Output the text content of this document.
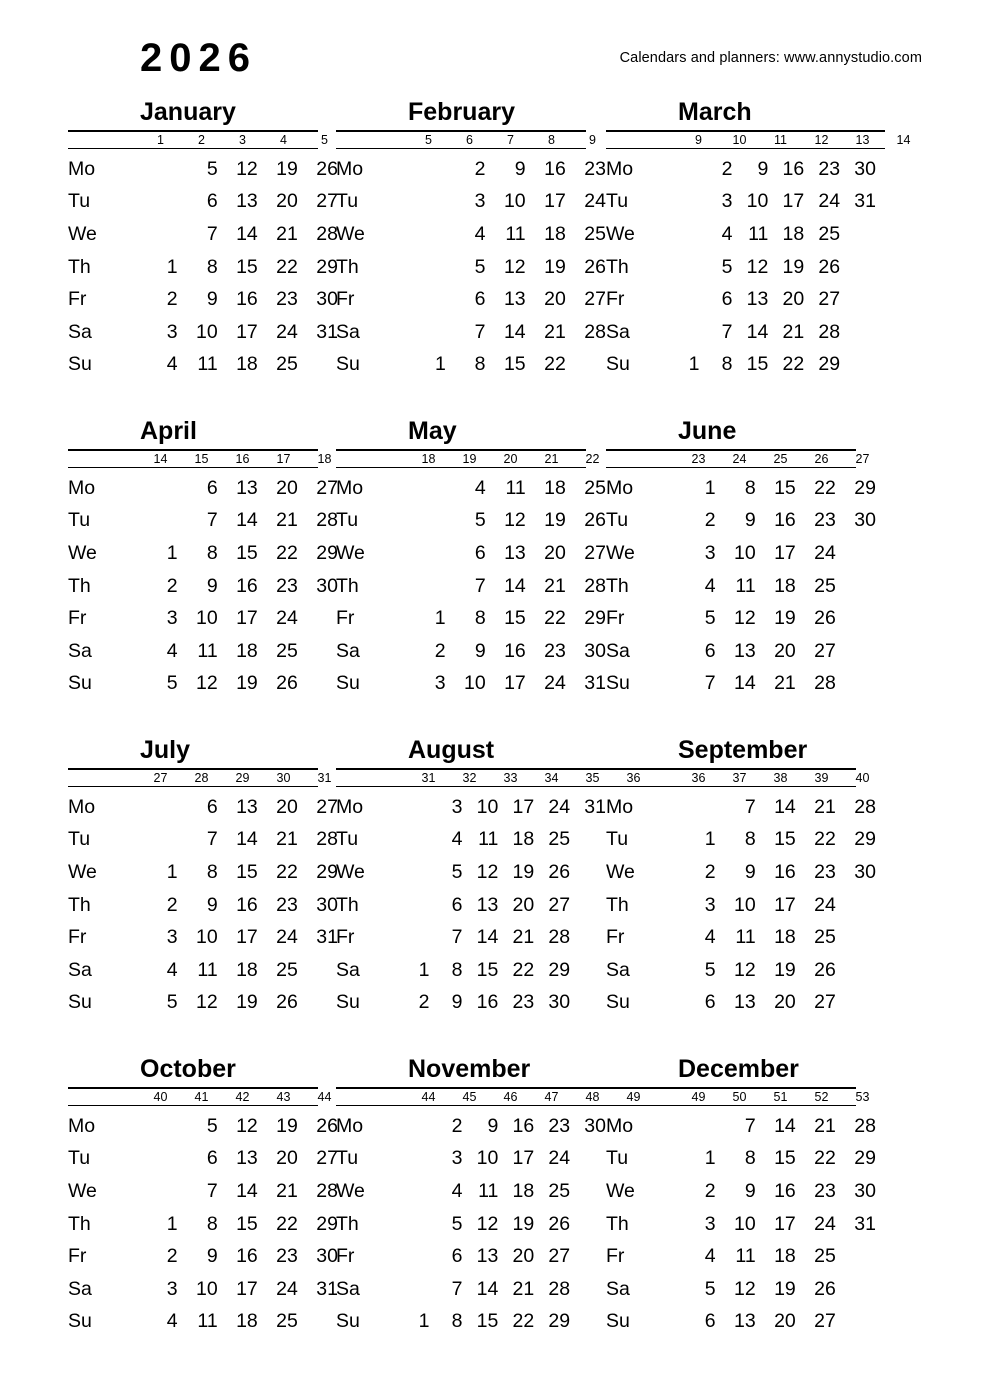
2026	Calendars and planners: www.annystudio.com
January
1	2	3	4	5
Mo		5	12	19	26
Tu		6	13	20	27
We		7	14	21	28
Th	1	8	15	22	29
Fr	2	9	16	23	30
Sa	3	10	17	24	31
Su	4	11	18	25	
February
5	6	7	8	9
Mo		2	9	16	23
Tu		3	10	17	24
We		4	11	18	25
Th		5	12	19	26
Fr		6	13	20	27
Sa		7	14	21	28
Su	1	8	15	22	
March
9	10	11	12	13	14
Mo		2	9	16	23	30
Tu		3	10	17	24	31
We		4	11	18	25	
Th		5	12	19	26	
Fr		6	13	20	27	
Sa		7	14	21	28	
Su	1	8	15	22	29	
April
14	15	16	17	18
Mo		6	13	20	27
Tu		7	14	21	28
We	1	8	15	22	29
Th	2	9	16	23	30
Fr	3	10	17	24	
Sa	4	11	18	25	
Su	5	12	19	26	
May
18	19	20	21	22
Mo		4	11	18	25
Tu		5	12	19	26
We		6	13	20	27
Th		7	14	21	28
Fr	1	8	15	22	29
Sa	2	9	16	23	30
Su	3	10	17	24	31
June
23	24	25	26	27
Mo	1	8	15	22	29
Tu	2	9	16	23	30
We	3	10	17	24	
Th	4	11	18	25	
Fr	5	12	19	26	
Sa	6	13	20	27	
Su	7	14	21	28	
July
27	28	29	30	31
Mo		6	13	20	27
Tu		7	14	21	28
We	1	8	15	22	29
Th	2	9	16	23	30
Fr	3	10	17	24	31
Sa	4	11	18	25	
Su	5	12	19	26	
August
31	32	33	34	35	36
Mo		3	10	17	24	31
Tu		4	11	18	25	
We		5	12	19	26	
Th		6	13	20	27	
Fr		7	14	21	28	
Sa	1	8	15	22	29	
Su	2	9	16	23	30	
September
36	37	38	39	40
Mo		7	14	21	28
Tu	1	8	15	22	29
We	2	9	16	23	30
Th	3	10	17	24	
Fr	4	11	18	25	
Sa	5	12	19	26	
Su	6	13	20	27	
October
40	41	42	43	44
Mo		5	12	19	26
Tu		6	13	20	27
We		7	14	21	28
Th	1	8	15	22	29
Fr	2	9	16	23	30
Sa	3	10	17	24	31
Su	4	11	18	25	
November
44	45	46	47	48	49
Mo		2	9	16	23	30
Tu		3	10	17	24	
We		4	11	18	25	
Th		5	12	19	26	
Fr		6	13	20	27	
Sa		7	14	21	28	
Su	1	8	15	22	29	
December
49	50	51	52	53
Mo		7	14	21	28
Tu	1	8	15	22	29
We	2	9	16	23	30
Th	3	10	17	24	31
Fr	4	11	18	25	
Sa	5	12	19	26	
Su	6	13	20	27	
